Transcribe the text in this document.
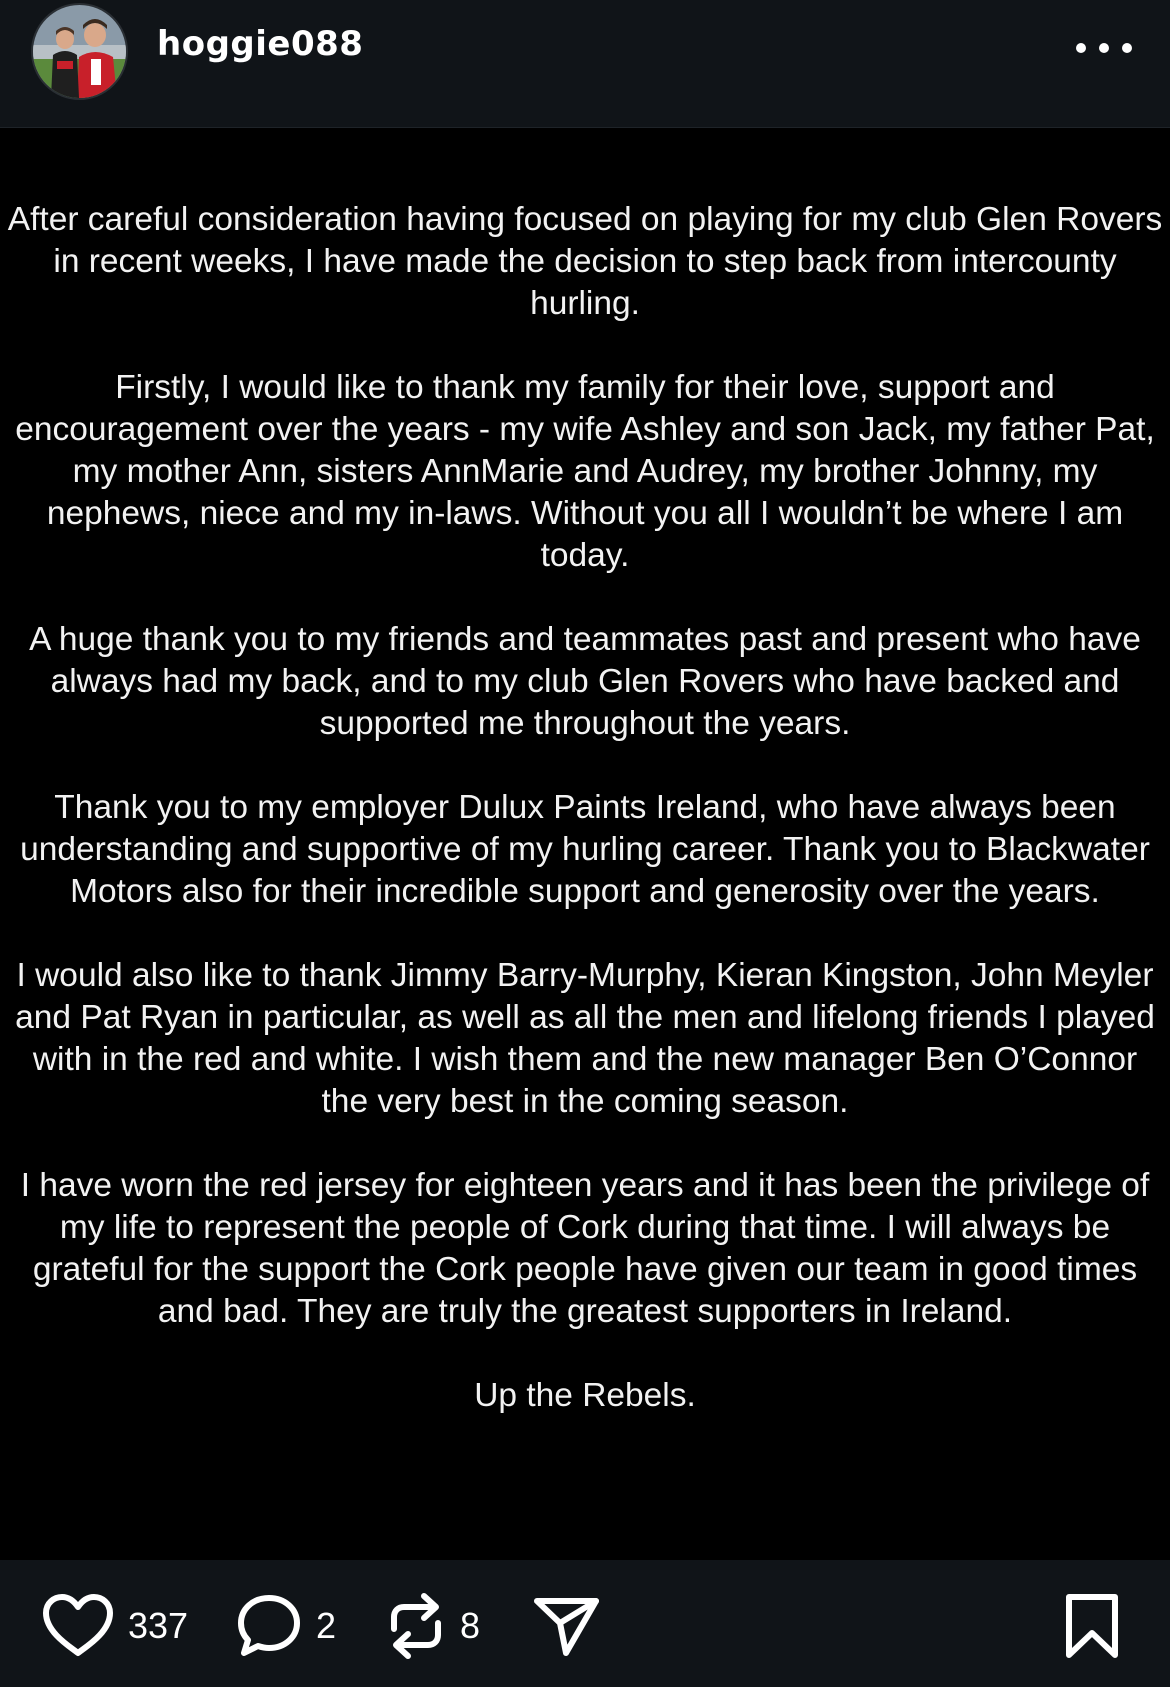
hoggie088

After careful consideration having focused on playing for my club Glen Rovers in recent weeks, I have made the decision to step back from intercounty hurling.

Firstly, I would like to thank my family for their love, support and encouragement over the years - my wife Ashley and son Jack, my father Pat, my mother Ann, sisters AnnMarie and Audrey, my brother Johnny, my nephews, niece and my in-laws. Without you all I wouldn’t be where I am today.

A huge thank you to my friends and teammates past and present who have always had my back, and to my club Glen Rovers who have backed and supported me throughout the years.

Thank you to my employer Dulux Paints Ireland, who have always been understanding and supportive of my hurling career. Thank you to Blackwater Motors also for their incredible support and generosity over the years.

I would also like to thank Jimmy Barry-Murphy, Kieran Kingston, John Meyler and Pat Ryan in particular, as well as all the men and lifelong friends I played with in the red and white. I wish them and the new manager Ben O’Connor the very best in the coming season.

I have worn the red jersey for eighteen years and it has been the privilege of my life to represent the people of Cork during that time. I will always be grateful for the support the Cork people have given our team in good times and bad. They are truly the greatest supporters in Ireland.

Up the Rebels.

337	2	8
